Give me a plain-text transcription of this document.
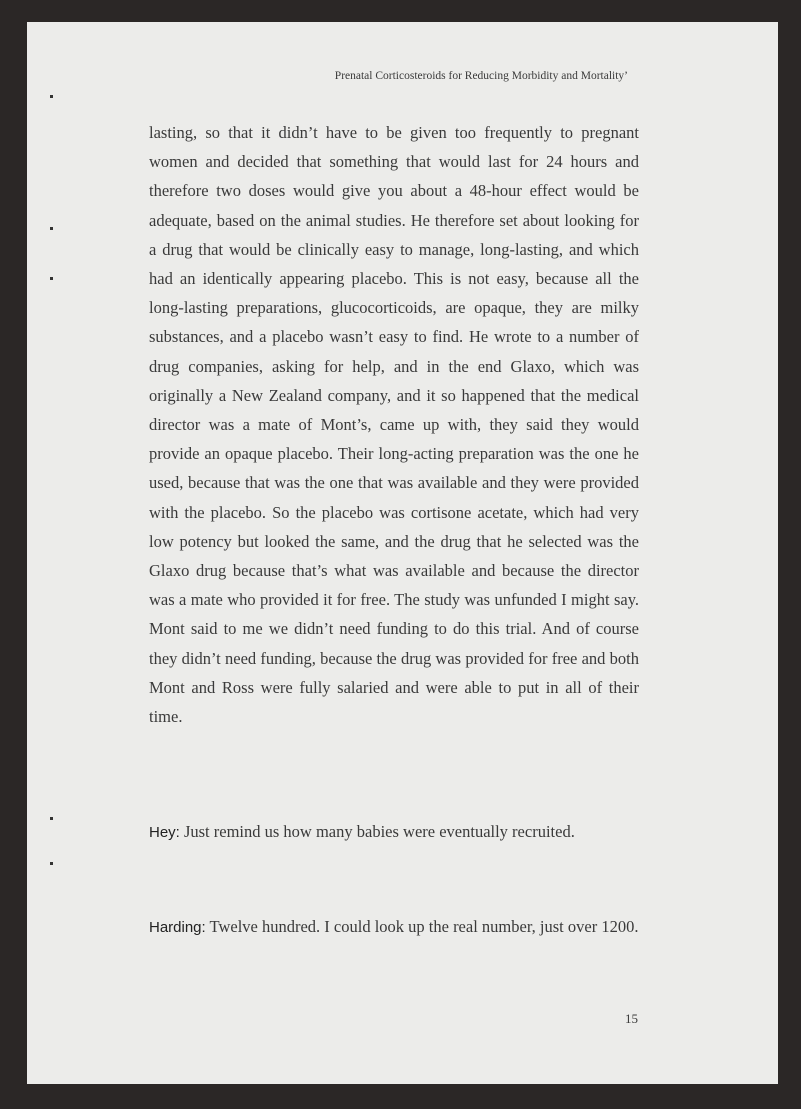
Prenatal Corticosteroids for Reducing Morbidity and Mortality’

lasting, so that it didn’t have to be given too frequently to pregnant women and decided that something that would last for 24 hours and therefore two doses would give you about a 48-hour effect would be adequate, based on the animal studies. He therefore set about looking for a drug that would be clinically easy to manage, long-lasting, and which had an identically appearing placebo. This is not easy, because all the long-lasting preparations, glucocorticoids, are opaque, they are milky substances, and a placebo wasn’t easy to find. He wrote to a number of drug companies, asking for help, and in the end Glaxo, which was originally a New Zealand company, and it so happened that the medical director was a mate of Mont’s, came up with, they said they would provide an opaque placebo. Their long-acting preparation was the one he used, because that was the one that was available and they were provided with the placebo. So the placebo was cortisone acetate, which had very low potency but looked the same, and the drug that he selected was the Glaxo drug because that’s what was available and because the director was a mate who provided it for free. The study was unfunded I might say. Mont said to me we didn’t need funding to do this trial. And of course they didn’t need funding, because the drug was provided for free and both Mont and Ross were fully salaried and were able to put in all of their time.

Hey: Just remind us how many babies were eventually recruited.

Harding: Twelve hundred. I could look up the real number, just over 1200.

15
